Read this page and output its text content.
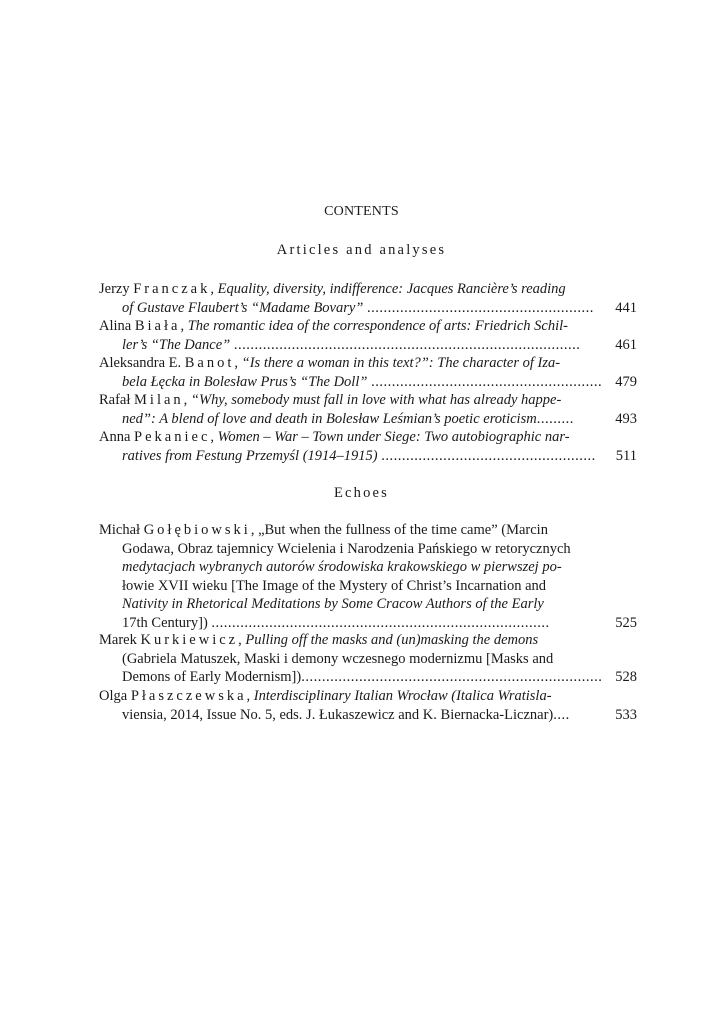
CONTENTS
Articles and analyses
Jerzy Franczak, Equality, diversity, indifference: Jacques Rancière’s reading
of Gustave Flaubert’s “Madame Bovary” .......................................................	441
Alina Biała, The romantic idea of the correspondence of arts: Friedrich Schil-
ler’s “The Dance” ....................................................................................	461
Aleksandra E. Banot, “Is there a woman in this text?”: The character of Iza-
bela Łęcka in Bolesław Prus’s “The Doll” ........................................................ 479
Rafał Milan, “Why, somebody must fall in love with what has already happe-
ned”: A blend of love and death in Bolesław Leśmian’s poetic eroticism.........	493
Anna Pekaniec, Women – War – Town under Siege: Two autobiographic nar-
ratives from Festung Przemyśl (1914–1915) ....................................................	511
Echoes
Michał Gołębiowski, „But when the fullness of the time came” (Marcin
Godawa, Obraz tajemnicy Wcielenia i Narodzenia Pańskiego w retorycznych
medytacjach wybranych autorów środowiska krakowskiego w pierwszej po-
łowie XVII wieku [The Image of the Mystery of Christ’s Incarnation and
Nativity in Rhetorical Meditations by Some Cracow Authors of the Early
17th Century]) ..................................................................................	525
Marek Kurkiewicz, Pulling off the masks and (un)masking the demons
(Gabriela Matuszek, Maski i demony wczesnego modernizmu [Masks and
Demons of Early Modernism])......................................................................... 528
Olga Płaszczewska, Interdisciplinary Italian Wrocław (Italica Wratisla-
viensia, 2014, Issue No. 5, eds. J. Łukaszewicz and K. Biernacka-Licznar)....	533
